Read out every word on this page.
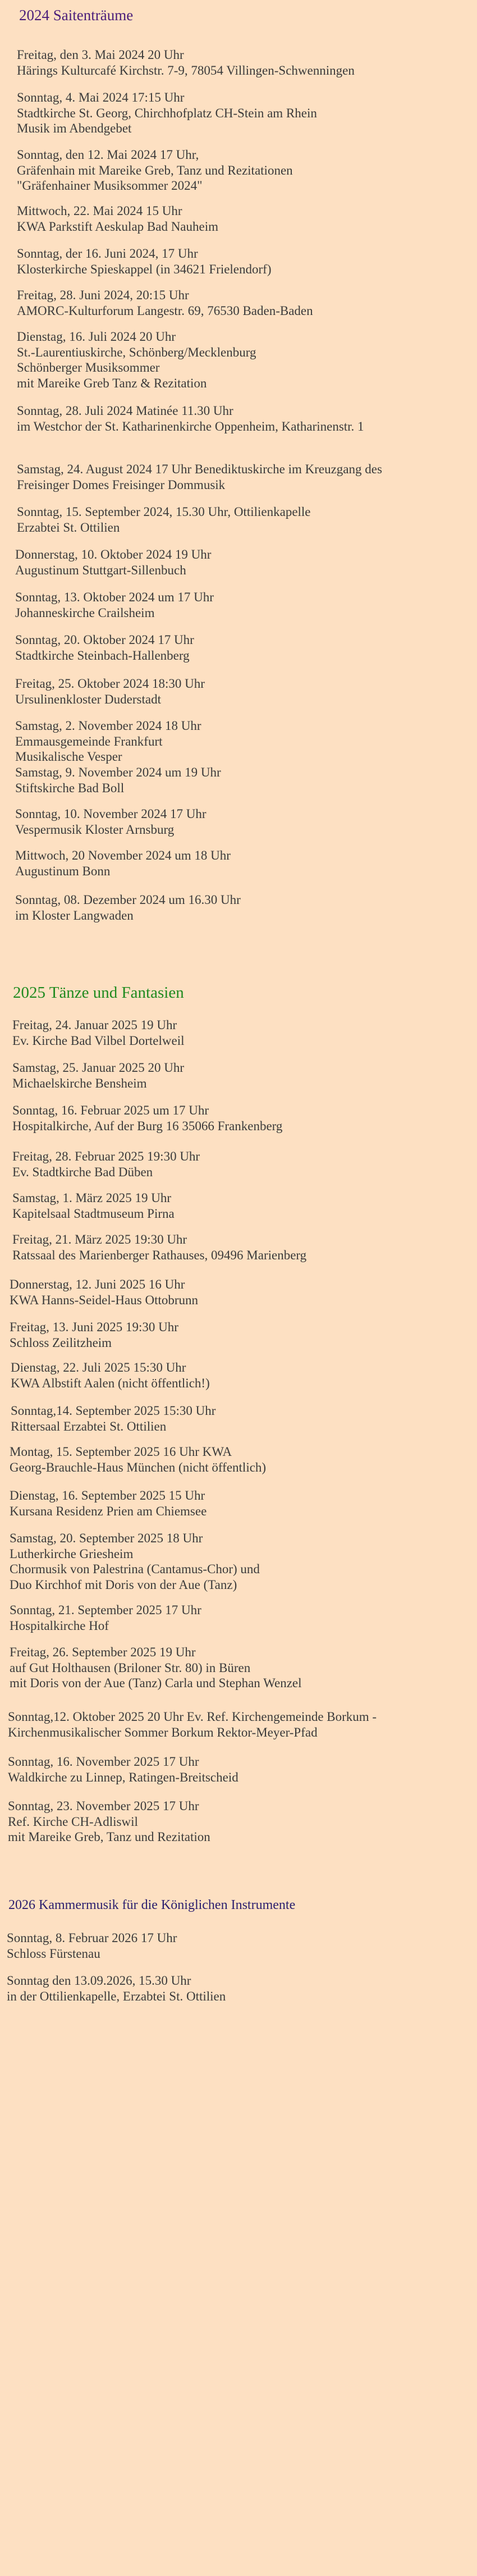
2024 Saitenträume
Freitag, den 3. Mai 2024 20 Uhr
Härings Kulturcafé Kirchstr. 7-9, 78054 Villingen-Schwenningen
Sonntag, 4. Mai 2024 17:15 Uhr
Stadtkirche St. Georg, Chirchhofplatz CH-Stein am Rhein
Musik im Abendgebet
Sonntag, den 12. Mai 2024 17 Uhr,
Gräfenhain mit Mareike Greb, Tanz und Rezitationen
"Gräfenhainer Musiksommer 2024"
Mittwoch, 22. Mai 2024 15 Uhr
KWA Parkstift Aeskulap Bad Nauheim
Sonntag, der 16. Juni 2024, 17 Uhr
Klosterkirche Spieskappel (in 34621 Frielendorf)
Freitag, 28. Juni 2024, 20:15 Uhr
AMORC-Kulturforum Langestr. 69, 76530 Baden-Baden
Dienstag, 16. Juli 2024 20 Uhr
St.-Laurentiuskirche, Schönberg/Mecklenburg
Schönberger Musiksommer
mit Mareike Greb Tanz & Rezitation
Sonntag, 28. Juli 2024 Matinée 11.30 Uhr
im Westchor der St. Katharinenkirche Oppenheim, Katharinenstr. 1
Samstag, 24. August 2024 17 Uhr Benediktuskirche im Kreuzgang des
Freisinger Domes Freisinger Dommusik
Sonntag, 15. September 2024, 15.30 Uhr, Ottilienkapelle
Erzabtei St. Ottilien
Donnerstag, 10. Oktober 2024 19 Uhr
Augustinum Stuttgart-Sillenbuch
Sonntag, 13. Oktober 2024 um 17 Uhr
Johanneskirche Crailsheim
Sonntag, 20. Oktober 2024 17 Uhr
Stadtkirche Steinbach-Hallenberg
Freitag, 25. Oktober 2024 18:30 Uhr
Ursulinenkloster Duderstadt
Samstag, 2. November 2024 18 Uhr
Emmausgemeinde Frankfurt
Musikalische Vesper
Samstag, 9. November 2024 um 19 Uhr
Stiftskirche Bad Boll
Sonntag, 10. November 2024 17 Uhr
Vespermusik Kloster Arnsburg
Mittwoch, 20 November 2024 um 18 Uhr
Augustinum Bonn
Sonntag, 08. Dezember 2024 um 16.30 Uhr
im Kloster Langwaden
2025 Tänze und Fantasien
Freitag, 24. Januar 2025 19 Uhr
Ev. Kirche Bad Vilbel Dortelweil
Samstag, 25. Januar 2025 20 Uhr
Michaelskirche Bensheim
Sonntag, 16. Februar 2025 um 17 Uhr
Hospitalkirche, Auf der Burg 16 35066 Frankenberg
Freitag, 28. Februar 2025 19:30 Uhr
Ev. Stadtkirche Bad Düben
Samstag, 1. März 2025 19 Uhr
Kapitelsaal Stadtmuseum Pirna
Freitag, 21. März 2025 19:30 Uhr
Ratssaal des Marienberger Rathauses, 09496 Marienberg
Donnerstag, 12. Juni 2025 16 Uhr
KWA Hanns-Seidel-Haus Ottobrunn
Freitag, 13. Juni 2025 19:30 Uhr
Schloss Zeilitzheim
Dienstag, 22. Juli 2025 15:30 Uhr
KWA Albstift Aalen (nicht öffentlich!)
Sonntag,14. September 2025 15:30 Uhr
Rittersaal Erzabtei St. Ottilien
Montag, 15. September 2025 16 Uhr KWA
Georg-Brauchle-Haus München (nicht öffentlich)
Dienstag, 16. September 2025 15 Uhr
Kursana Residenz Prien am Chiemsee
Samstag, 20. September 2025 18 Uhr
Lutherkirche Griesheim
Chormusik von Palestrina (Cantamus-Chor) und
Duo Kirchhof mit Doris von der Aue (Tanz)
Sonntag, 21. September 2025 17 Uhr
Hospitalkirche Hof
Freitag, 26. September 2025 19 Uhr
auf Gut Holthausen (Briloner Str. 80) in Büren
mit Doris von der Aue (Tanz) Carla und Stephan Wenzel
Sonntag,12. Oktober 2025 20 Uhr Ev. Ref. Kirchengemeinde Borkum -
Kirchenmusikalischer Sommer Borkum Rektor-Meyer-Pfad
Sonntag, 16. November 2025 17 Uhr
Waldkirche zu Linnep, Ratingen-Breitscheid
Sonntag, 23. November 2025 17 Uhr
Ref. Kirche CH-Adliswil
mit Mareike Greb, Tanz und Rezitation
2026 Kammermusik für die Königlichen Instrumente
Sonntag, 8. Februar 2026 17 Uhr
Schloss Fürstenau
Sonntag den 13.09.2026, 15.30 Uhr
in der Ottilienkapelle, Erzabtei St. Ottilien
